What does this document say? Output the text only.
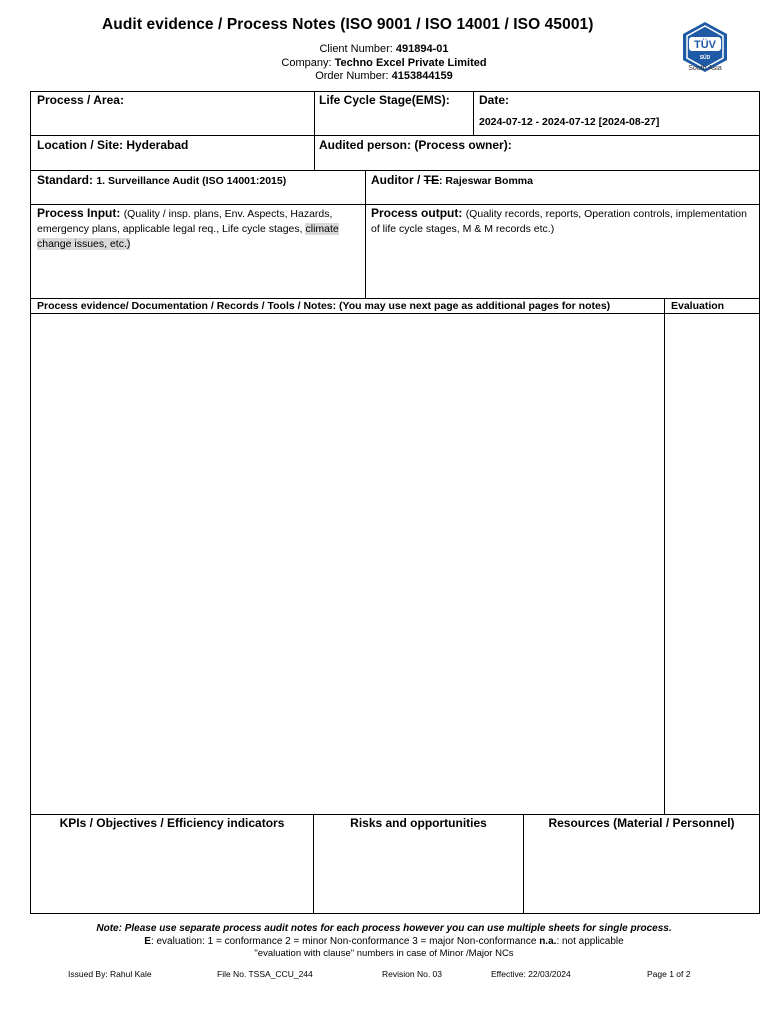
Audit evidence / Process Notes (ISO 9001 / ISO 14001 / ISO 45001)
Client Number: 491894-01
Company: Techno Excel Private Limited
Order Number: 4153844159
TÜV
SÜD
South Asia
Process / Area:	Life Cycle Stage(EMS): Date:
2024-07-12 - 2024-07-12 [2024-08-27]
Location / Site: Hyderabad	Audited person: (Process owner):
Standard: 1. Surveillance Audit (ISO 14001:2015)	Auditor / TE: Rajeswar Bomma
Process Input: (Quality / insp. plans, Env. Aspects, Hazards, emergency plans, applicable legal req., Life cycle stages, climate change issues, etc.)
Process output: (Quality records, reports, Operation controls, implementation of life cycle stages, M & M records etc.)
Process evidence/ Documentation / Records / Tools / Notes: (You may use next page as additional pages for notes)	Evaluation
KPIs / Objectives / Efficiency indicators	Risks and opportunities	Resources (Material / Personnel)
Note: Please use separate process audit notes for each process however you can use multiple sheets for single process.
E: evaluation: 1 = conformance 2 = minor Non-conformance 3 = major Non-conformance n.a.: not applicable
"evaluation with clause" numbers in case of Minor /Major NCs
Issued By: Rahul Kale	File No. TSSA_CCU_244	Revision No. 03	Effective: 22/03/2024	Page 1 of 2
